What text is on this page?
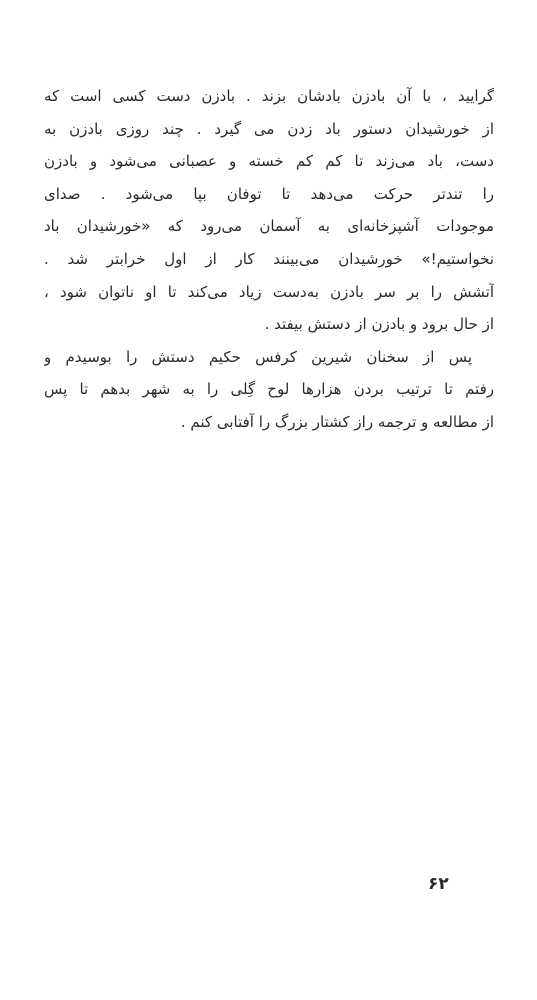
گرایید ، با آن بادزن بادشان بزند . بادزن دست کسی است که
از خورشیدان دستور باد زدن می گیرد . چند روزی بادزن به
دست، باد می‌زند تا کم کم خسته و عصبانی می‌شود و بادزن
را تندتر حرکت می‌دهد تا توفان بپا می‌شود . صدای
موجودات آشپزخانه‌ای به آسمان می‌رود که «خورشیدان باد
نخواستیم!» خورشیدان می‌بینند کار از اول خرابتر شد .
آتشش را بر سر بادزن به‌دست زیاد می‌کند تا او ناتوان شود ،
از حال برود و بادزن از دستش بیفتد .
پس از سخنان شیرین کرفس حکیم دستش را بوسیدم و
رفتم تا ترتیب بردن هزارها لوح گِلی را به شهر بدهم تا پس
از مطالعه و ترجمه راز کشتار بزرگ را آفتابی کنم .
۶۲
